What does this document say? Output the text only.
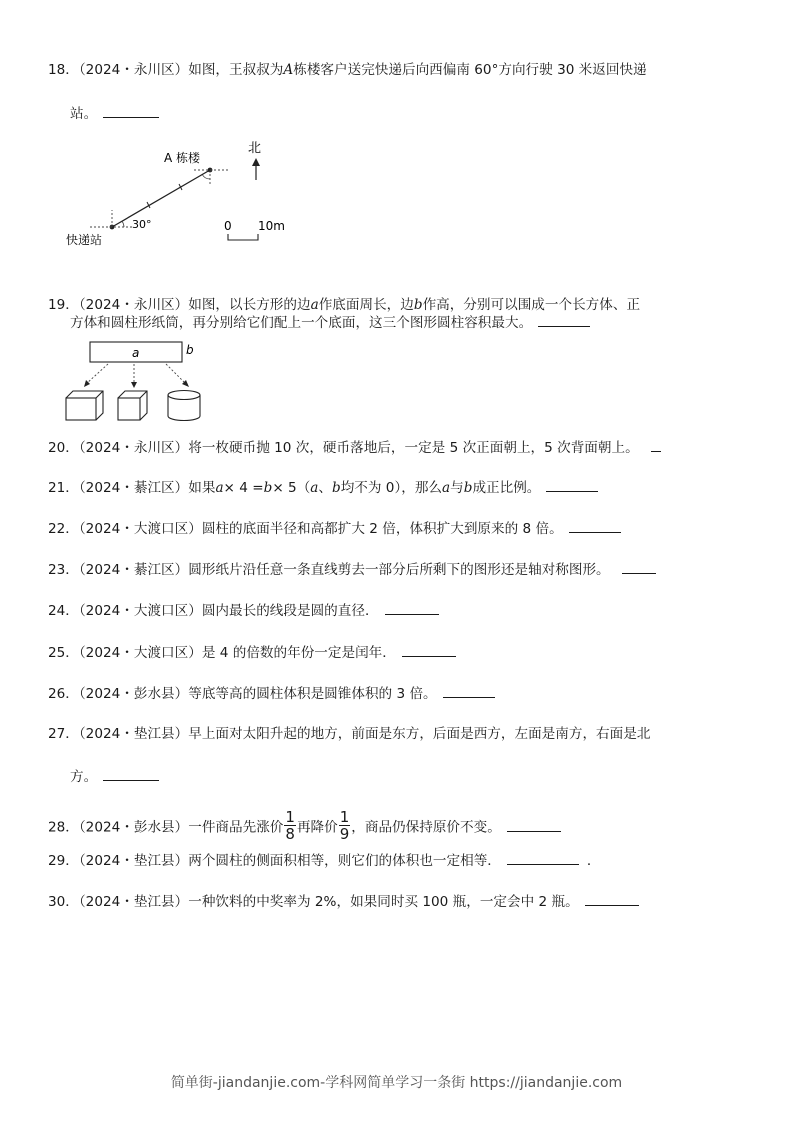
18．（2024・永川区）如图，王叔叔为A栋楼客户送完快递后向西偏南 60°方向行驶 30 米返回快递
站。
北
A 栋楼
30°
快递站
0 10m
19．（2024・永川区）如图，以长方形的边a作底面周长，边b作高，分别可以围成一个长方体、正
方体和圆柱形纸筒，再分别给它们配上一个底面，这三个图形圆柱容积最大。
a	b
20．（2024・永川区）将一枚硬币抛 10 次，硬币落地后，一定是 5 次正面朝上，5 次背面朝上。
21．（2024・綦江区）如果a× 4 =b× 5（a、b均不为 0），那么a与b成正比例。
22．（2024・大渡口区）圆柱的底面半径和高都扩大 2 倍，体积扩大到原来的 8 倍。
23．（2024・綦江区）圆形纸片沿任意一条直线剪去一部分后所剩下的图形还是轴对称图形。
24．（2024・大渡口区）圆内最长的线段是圆的直径．
25．（2024・大渡口区）是 4 的倍数的年份一定是闰年．
26．（2024・彭水县）等底等高的圆柱体积是圆锥体积的 3 倍。
27．（2024・垫江县）早上面对太阳升起的地方，前面是东方，后面是西方，左面是南方，右面是北
方。
28．（2024・彭水县）一件商品先涨价 $\frac{1}{8}$ 再降价 $\frac{1}{9}$ ，商品仍保持原价不变。
29．（2024・垫江县）两个圆柱的侧面积相等，则它们的体积也一定相等．	．
30．（2024・垫江县）一种饮料的中奖率为 2%，如果同时买 100 瓶，一定会中 2 瓶。
简单街-jiandanjie.com-学科网简单学习一条街 https://jiandanjie.com
